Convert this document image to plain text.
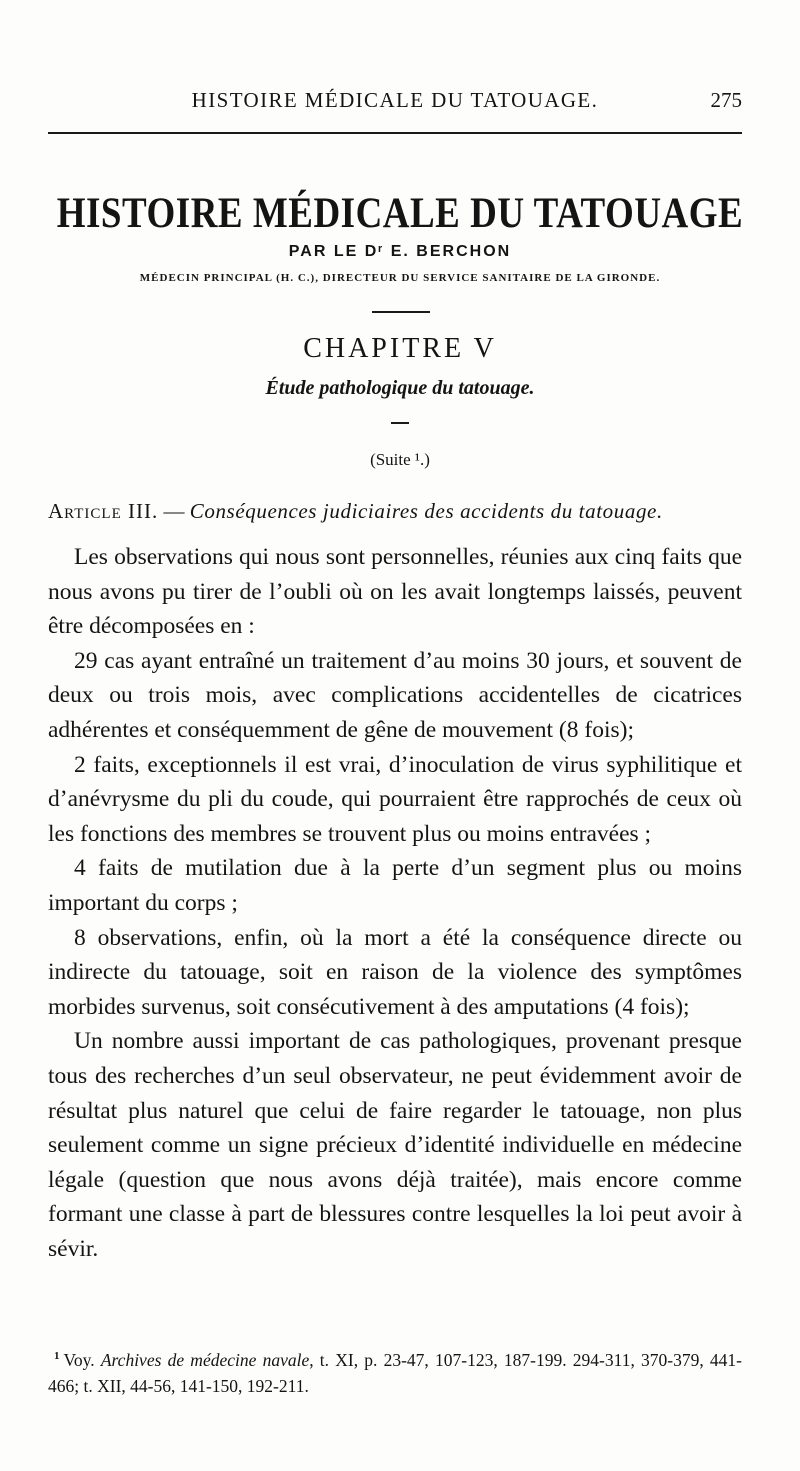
HISTOIRE MÉDICALE DU TATOUAGE.	275
HISTOIRE MÉDICALE DU TATOUAGE
PAR LE Dʳ E. BERCHON
MÉDECIN PRINCIPAL (H. C.), DIRECTEUR DU SERVICE SANITAIRE DE LA GIRONDE.
CHAPITRE V
Étude pathologique du tatouage.
(Suite ¹.)
Article III. — Conséquences judiciaires des accidents du tatouage.

Les observations qui nous sont personnelles, réunies aux cinq faits que nous avons pu tirer de l’oubli où on les avait longtemps laissés, peuvent être décomposées en :

29 cas ayant entraîné un traitement d’au moins 30 jours, et souvent de deux ou trois mois, avec complications accidentelles de cicatrices adhérentes et conséquemment de gêne de mouvement (8 fois);

2 faits, exceptionnels il est vrai, d’inoculation de virus syphilitique et d’anévrysme du pli du coude, qui pourraient être rapprochés de ceux où les fonctions des membres se trouvent plus ou moins entravées ;

4 faits de mutilation due à la perte d’un segment plus ou moins important du corps ;

8 observations, enfin, où la mort a été la conséquence directe ou indirecte du tatouage, soit en raison de la violence des symptômes morbides survenus, soit consécutivement à des amputations (4 fois);

Un nombre aussi important de cas pathologiques, provenant presque tous des recherches d’un seul observateur, ne peut évidemment avoir de résultat plus naturel que celui de faire regarder le tatouage, non plus seulement comme un signe précieux d’identité individuelle en médecine légale (question que nous avons déjà traitée), mais encore comme formant une classe à part de blessures contre lesquelles la loi peut avoir à sévir.

$^1$ Voy. Archives de médecine navale, t. XI, p. 23-47, 107-123, 187-199. 294-311, 370-379, 441-466; t. XII, 44-56, 141-150, 192-211.
